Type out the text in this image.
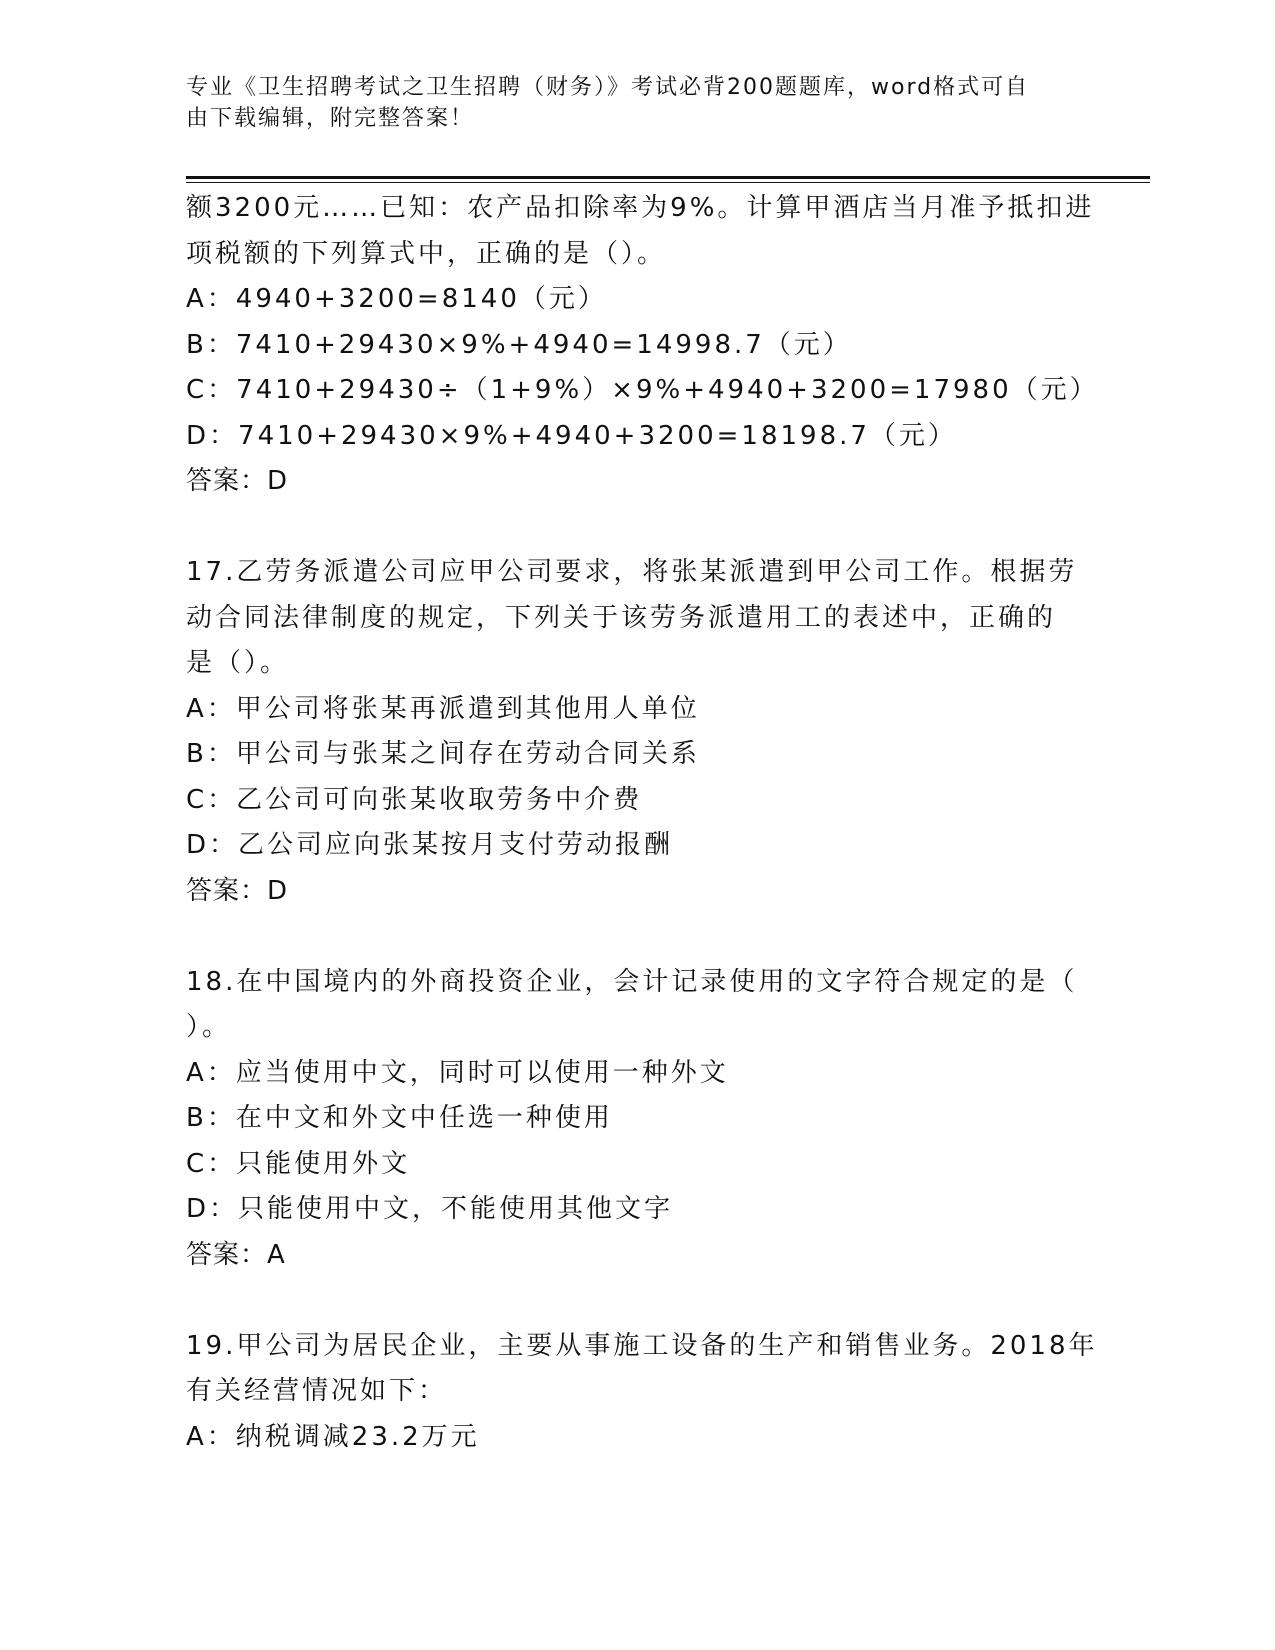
专业《卫生招聘考试之卫生招聘（财务）》考试必背200题题库，word格式可自
由下载编辑，附完整答案！
额3200元……已知：农产品扣除率为9%。计算甲酒店当月准予抵扣进
项税额的下列算式中，正确的是（）。
A：4940+3200=8140（元）
B：7410+29430×9%+4940=14998.7（元）
C：7410+29430÷（1+9%）×9%+4940+3200=17980（元）
D：7410+29430×9%+4940+3200=18198.7（元）
答案：D
17.乙劳务派遣公司应甲公司要求，将张某派遣到甲公司工作。根据劳
动合同法律制度的规定，下列关于该劳务派遣用工的表述中，正确的
是（）。
A：甲公司将张某再派遣到其他用人单位
B：甲公司与张某之间存在劳动合同关系
C：乙公司可向张某收取劳务中介费
D：乙公司应向张某按月支付劳动报酬
答案：D
18.在中国境内的外商投资企业，会计记录使用的文字符合规定的是（
）。
A：应当使用中文，同时可以使用一种外文
B：在中文和外文中任选一种使用
C：只能使用外文
D：只能使用中文，不能使用其他文字
答案：A
19.甲公司为居民企业，主要从事施工设备的生产和销售业务。2018年
有关经营情况如下：
A：纳税调减23.2万元
